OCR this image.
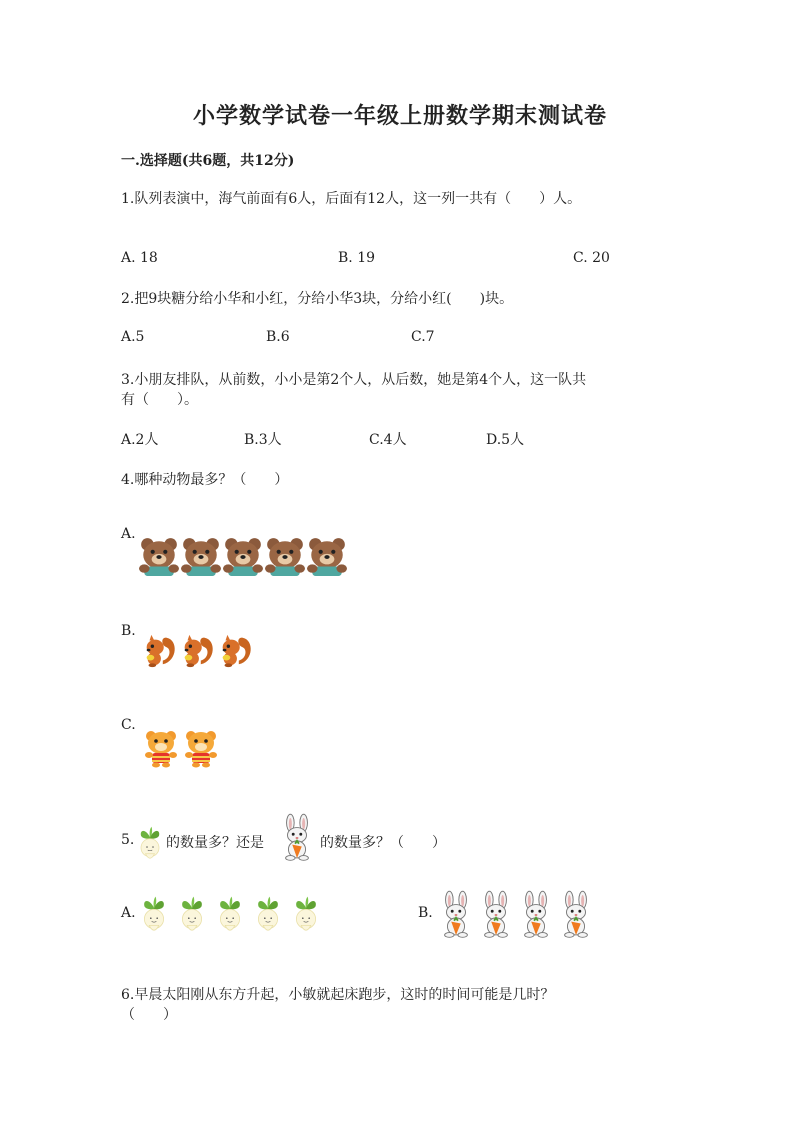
小学数学试卷一年级上册数学期末测试卷
一.选择题(共6题，共12分)
1.队列表演中，海气前面有6人，后面有12人，这一列一共有（　　）人。
A. 18	B. 19	C. 20
2.把9块糖分给小华和小红，分给小华3块，分给小红(　　)块。
A.5	B.6	C.7
3.小朋友排队，从前数，小小是第2个人，从后数，她是第4个人，这一队共
有（　　）。
A.2人	B.3人	C.4人	D.5人
4.哪种动物最多？（　　）
A.
B.
C.
5. 的数量多？还是	的数量多？（　　）
A.	B.
6.早晨太阳刚从东方升起，小敏就起床跑步，这时的时间可能是几时？
（　　）
